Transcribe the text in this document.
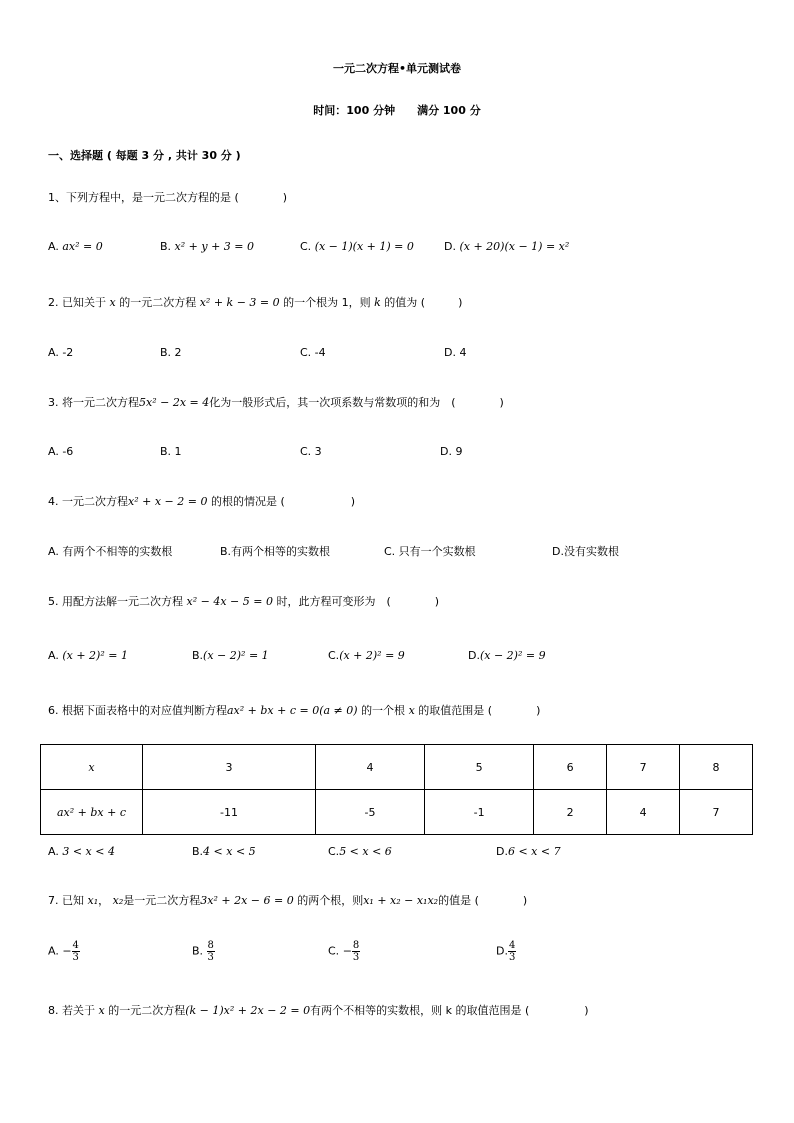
一元二次方程•单元测试卷
时间：100 分钟　　满分 100 分
一、选择题 ( 每题 3 分 , 共计 30 分 )
1、下列方程中，是一元二次方程的是 (　　　　)
A. ax² = 0	B. x² + y + 3 = 0	C. (x − 1)(x + 1) = 0	D. (x + 20)(x − 1) = x²
2. 已知关于 x 的一元二次方程 x² + k − 3 = 0 的一个根为 1，则 k 的值为 (　　　)
A. -2	B. 2	C. -4	D. 4
3. 将一元二次方程5x² − 2x = 4化为一般形式后，其一次项系数与常数项的和为　(　　　　)
A. -6	B. 1	C. 3	D. 9
4. 一元二次方程x² + x − 2 = 0 的根的情况是 (　　　　　　)
A. 有两个不相等的实数根	B.有两个相等的实数根	C. 只有一个实数根	D.没有实数根
5. 用配方法解一元二次方程 x² − 4x − 5 = 0 时，此方程可变形为　(　　　　)
A. (x + 2)² = 1	B.(x − 2)² = 1	C.(x + 2)² = 9	D.(x − 2)² = 9
6. 根据下面表格中的对应值判断方程ax² + bx + c = 0(a ≠ 0) 的一个根 x 的取值范围是 (　　　　)
x	3	4	5	6	7	8
ax² + bx + c	-11	-5	-1	2	4	7
A. 3 < x < 4	B.4 < x < 5	C.5 < x < 6	D.6 < x < 7
7. 已知 x₁， x₂是一元二次方程3x² + 2x − 6 = 0 的两个根，则x₁ + x₂ − x₁x₂的值是 (　　　　)
A. − $\frac{4}{3}$	B. $\frac{8}{3}$	C. − $\frac{8}{3}$	D. $\frac{4}{3}$
8. 若关于 x 的一元二次方程(k − 1)x² + 2x − 2 = 0有两个不相等的实数根，则 k 的取值范围是 (　　　　　)
